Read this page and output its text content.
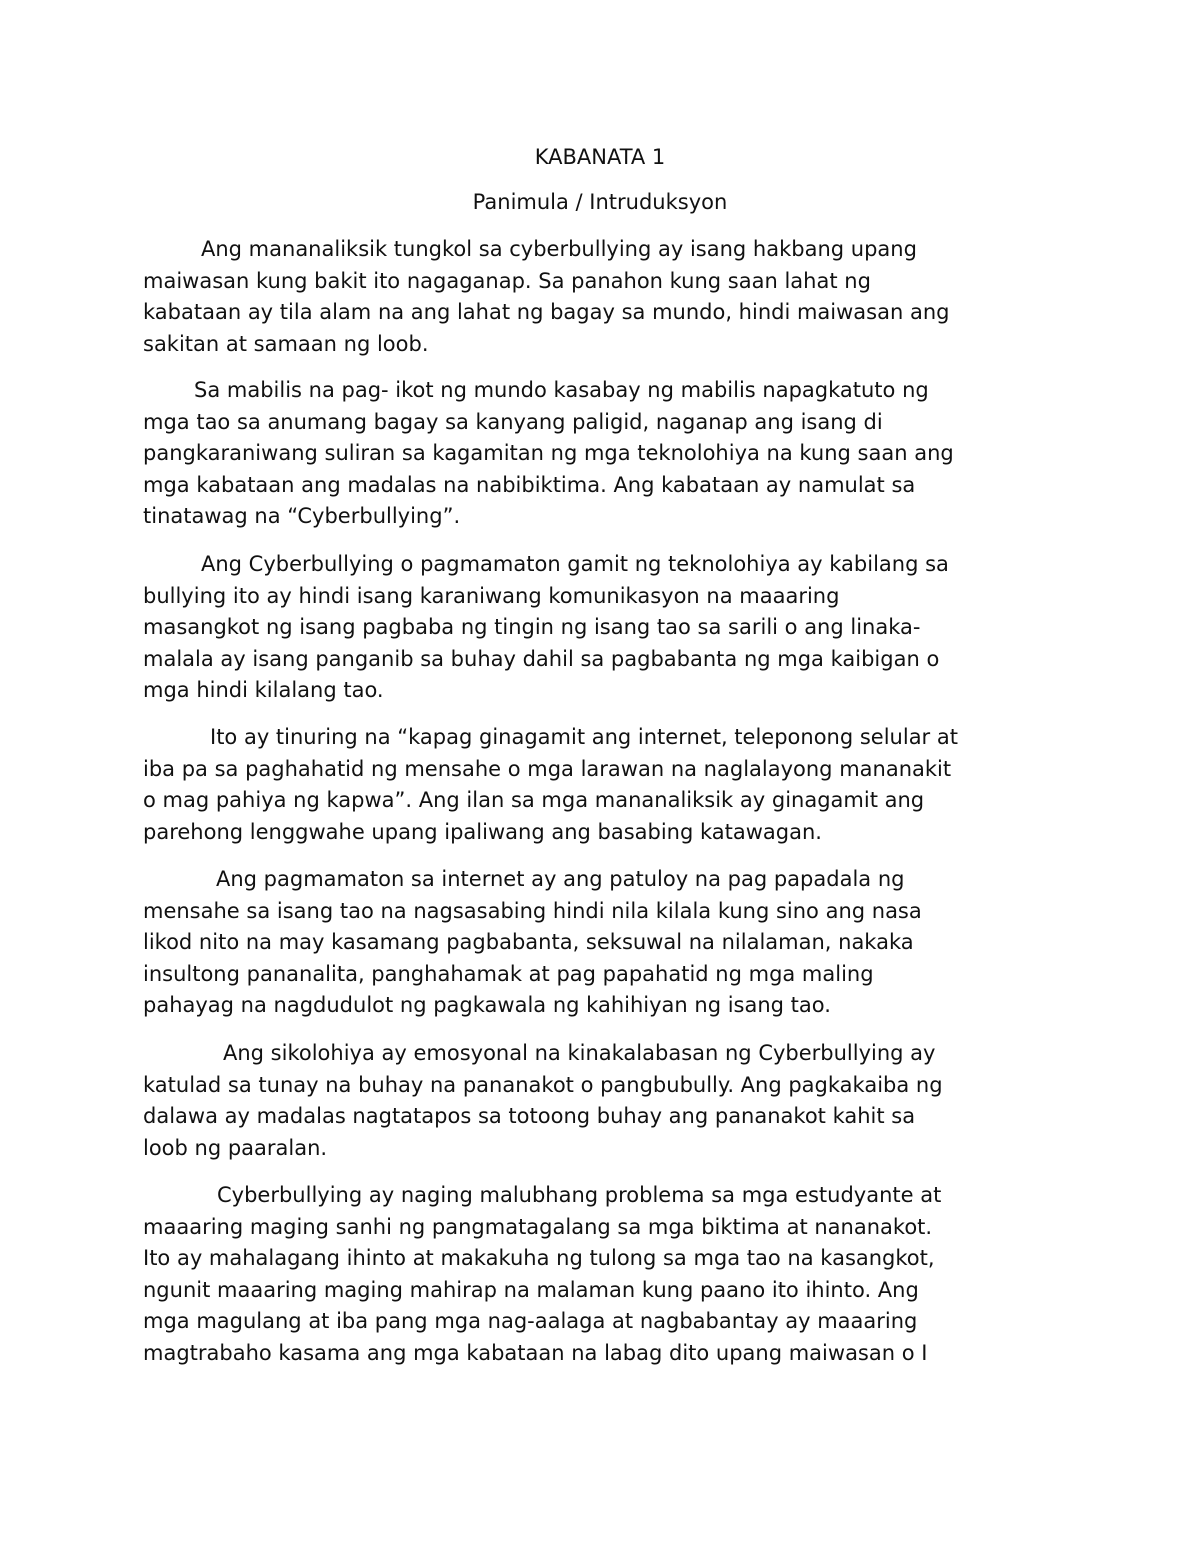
KABANATA 1
Panimula / Intruduksyon
Ang mananaliksik tungkol sa cyberbullying ay isang hakbang upang
maiwasan kung bakit ito nagaganap. Sa panahon kung saan lahat ng
kabataan ay tila alam na ang lahat ng bagay sa mundo, hindi maiwasan ang
sakitan at samaan ng loob.
Sa mabilis na pag- ikot ng mundo kasabay ng mabilis napagkatuto ng
mga tao sa anumang bagay sa kanyang paligid, naganap ang isang di
pangkaraniwang suliran sa kagamitan ng mga teknolohiya na kung saan ang
mga kabataan ang madalas na nabibiktima. Ang kabataan ay namulat sa
tinatawag na “Cyberbullying”.
Ang Cyberbullying o pagmamaton gamit ng teknolohiya ay kabilang sa
bullying ito ay hindi isang karaniwang komunikasyon na maaaring
masangkot ng isang pagbaba ng tingin ng isang tao sa sarili o ang linaka-
malala ay isang panganib sa buhay dahil sa pagbabanta ng mga kaibigan o
mga hindi kilalang tao.
Ito ay tinuring na “kapag ginagamit ang internet, teleponong selular at
iba pa sa paghahatid ng mensahe o mga larawan na naglalayong mananakit
o mag pahiya ng kapwa”. Ang ilan sa mga mananaliksik ay ginagamit ang
parehong lenggwahe upang ipaliwang ang basabing katawagan.
Ang pagmamaton sa internet ay ang patuloy na pag papadala ng
mensahe sa isang tao na nagsasabing hindi nila kilala kung sino ang nasa
likod nito na may kasamang pagbabanta, seksuwal na nilalaman, nakaka
insultong pananalita, panghahamak at pag papahatid ng mga maling
pahayag na nagdudulot ng pagkawala ng kahihiyan ng isang tao.
Ang sikolohiya ay emosyonal na kinakalabasan ng Cyberbullying ay
katulad sa tunay na buhay na pananakot o pangbubully. Ang pagkakaiba ng
dalawa ay madalas nagtatapos sa totoong buhay ang pananakot kahit sa
loob ng paaralan.
Cyberbullying ay naging malubhang problema sa mga estudyante at
maaaring maging sanhi ng pangmatagalang sa mga biktima at nananakot.
Ito ay mahalagang ihinto at makakuha ng tulong sa mga tao na kasangkot,
ngunit maaaring maging mahirap na malaman kung paano ito ihinto. Ang
mga magulang at iba pang mga nag-aalaga at nagbabantay ay maaaring
magtrabaho kasama ang mga kabataan na labag dito upang maiwasan o I
